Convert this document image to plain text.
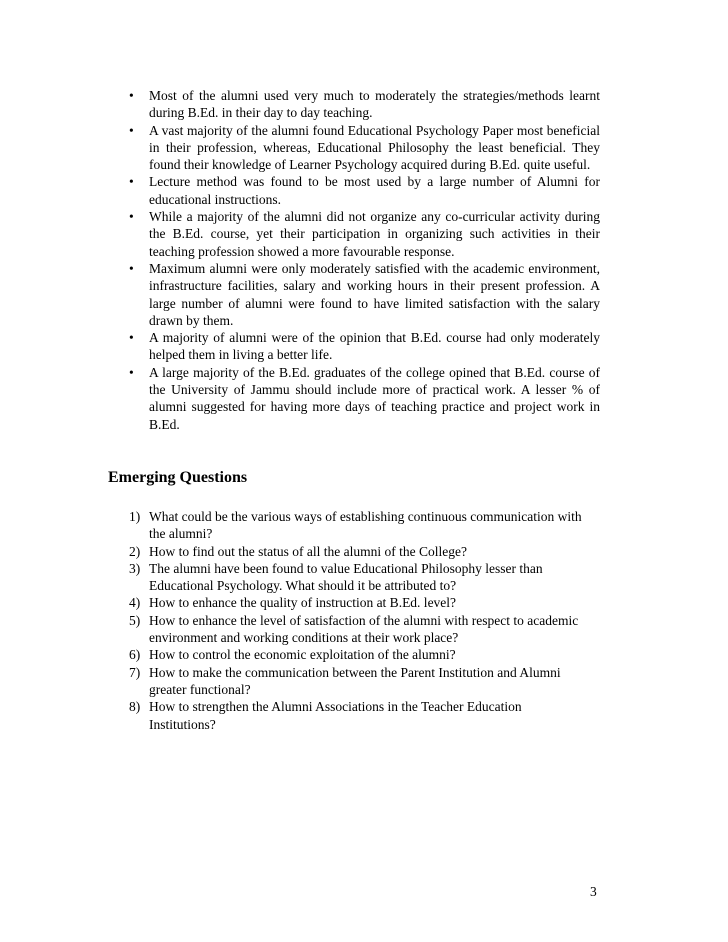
• Most of the alumni used very much to moderately the strategies/methods learnt during B.Ed. in their day to day teaching.
• A vast majority of the alumni found Educational Psychology Paper most beneficial in their profession, whereas, Educational Philosophy the least beneficial. They found their knowledge of Learner Psychology acquired during B.Ed. quite useful.
• Lecture method was found to be most used by a large number of Alumni for educational instructions.
• While a majority of the alumni did not organize any co-curricular activity during the B.Ed. course, yet their participation in organizing such activities in their teaching profession showed a more favourable response.
• Maximum alumni were only moderately satisfied with the academic environment, infrastructure facilities, salary and working hours in their present profession. A large number of alumni were found to have limited satisfaction with the salary drawn by them.
• A majority of alumni were of the opinion that B.Ed. course had only moderately helped them in living a better life.
• A large majority of the B.Ed. graduates of the college opined that B.Ed. course of the University of Jammu should include more of practical work. A lesser % of alumni suggested for having more days of teaching practice and project work in B.Ed.
Emerging Questions
1) What could be the various ways of establishing continuous communication with the alumni?
2) How to find out the status of all the alumni of the College?
3) The alumni have been found to value Educational Philosophy lesser than Educational Psychology. What should it be attributed to?
4) How to enhance the quality of instruction at B.Ed. level?
5) How to enhance the level of satisfaction of the alumni with respect to academic environment and working conditions at their work place?
6) How to control the economic exploitation of the alumni?
7) How to make the communication between the Parent Institution and Alumni greater functional?
8) How to strengthen the Alumni Associations in the Teacher Education Institutions?
3
